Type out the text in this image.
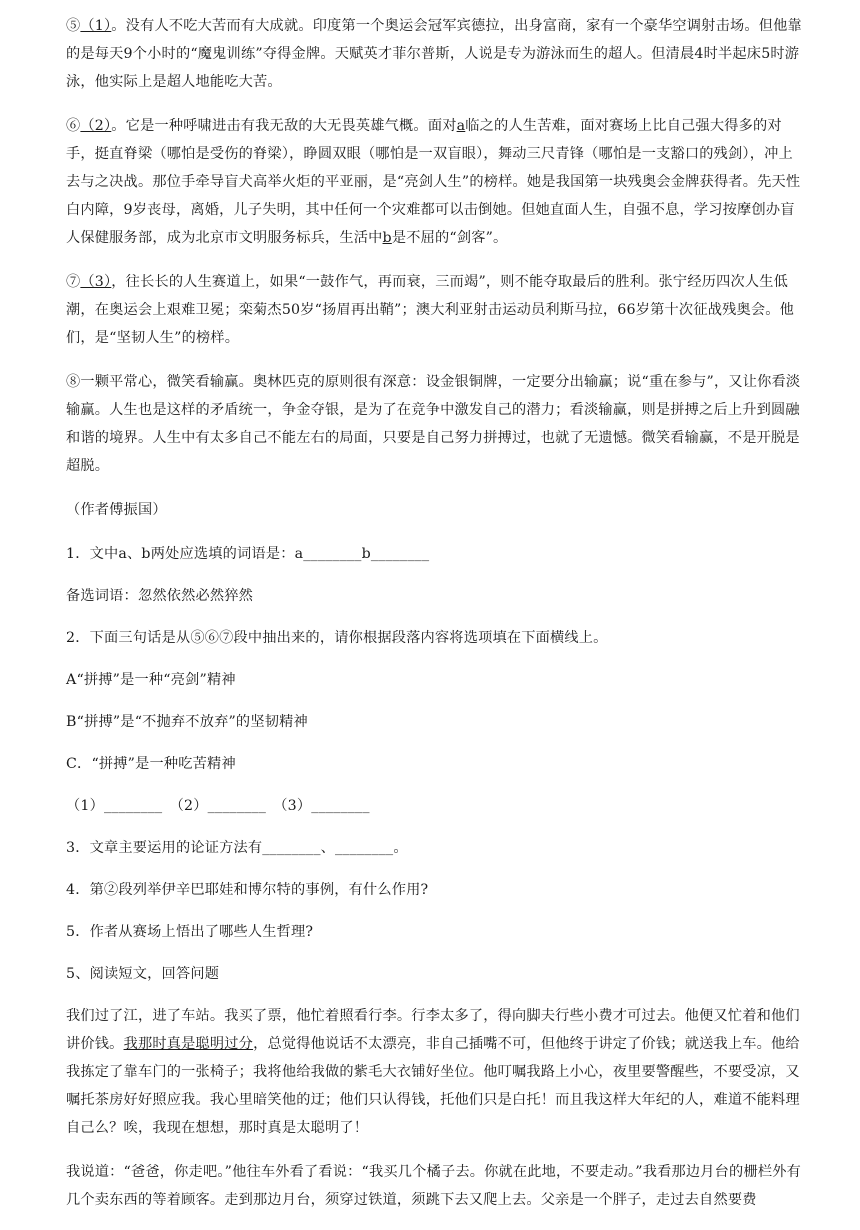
⑤（1）。没有人不吃大苦而有大成就。印度第一个奥运会冠军宾德拉，出身富商，家有一个豪华空调射击场。但他靠的是每天9个小时的“魔鬼训练”夺得金牌。天赋英才菲尔普斯，人说是专为游泳而生的超人。但清晨4时半起床5时游泳，他实际上是超人地能吃大苦。

⑥（2）。它是一种呼啸进击有我无敌的大无畏英雄气概。面对a临之的人生苦难，面对赛场上比自己强大得多的对手，挺直脊梁（哪怕是受伤的脊梁），睁圆双眼（哪怕是一双盲眼），舞动三尺青锋（哪怕是一支豁口的残剑），冲上去与之决战。那位手牵导盲犬高举火炬的平亚丽，是“亮剑人生”的榜样。她是我国第一块残奥会金牌获得者。先天性白内障，9岁丧母，离婚，儿子失明，其中任何一个灾难都可以击倒她。但她直面人生，自强不息，学习按摩创办盲人保健服务部，成为北京市文明服务标兵，生活中b是不屈的“剑客”。

⑦（3），往长长的人生赛道上，如果“一鼓作气，再而衰，三而竭”，则不能夺取最后的胜利。张宁经历四次人生低潮，在奥运会上艰难卫冕；栾菊杰50岁“扬眉再出鞘”；澳大利亚射击运动员利斯马拉，66岁第十次征战残奥会。他们，是“坚韧人生”的榜样。

⑧一颗平常心，微笑看输赢。奥林匹克的原则很有深意：设金银铜牌，一定要分出输赢；说“重在参与”，又让你看淡输赢。人生也是这样的矛盾统一，争金夺银，是为了在竞争中激发自己的潜力；看淡输赢，则是拼搏之后上升到圆融和谐的境界。人生中有太多自己不能左右的局面，只要是自己努力拼搏过，也就了无遗憾。微笑看输赢，不是开脱是超脱。

（作者傅振国）

1．文中a、b两处应选填的词语是：a________b________

备选词语：忽然依然必然猝然

2．下面三句话是从⑤⑥⑦段中抽出来的，请你根据段落内容将选项填在下面横线上。

A“拼搏”是一种“亮剑”精神

B“拼搏”是“不抛弃不放弃”的坚韧精神

C．“拼搏”是一种吃苦精神

（1）________　（2）________　（3）________

3．文章主要运用的论证方法有________、________。

4．第②段列举伊辛巴耶娃和博尔特的事例，有什么作用?

5．作者从赛场上悟出了哪些人生哲理?

5、阅读短文，回答问题

我们过了江，进了车站。我买了票，他忙着照看行李。行李太多了，得向脚夫行些小费才可过去。他便又忙着和他们讲价钱。我那时真是聪明过分，总觉得他说话不太漂亮，非自己插嘴不可，但他终于讲定了价钱；就送我上车。他给我拣定了靠车门的一张椅子；我将他给我做的紫毛大衣铺好坐位。他叮嘱我路上小心，夜里要警醒些，不要受凉，又嘱托茶房好好照应我。我心里暗笑他的迂；他们只认得钱，托他们只是白托！而且我这样大年纪的人，难道不能料理自己么？唉，我现在想想，那时真是太聪明了！

我说道：“爸爸，你走吧。”他往车外看了看说：“我买几个橘子去。你就在此地，不要走动。”我看那边月台的栅栏外有几个卖东西的等着顾客。走到那边月台，须穿过铁道，须跳下去又爬上去。父亲是一个胖子，走过去自然要费
